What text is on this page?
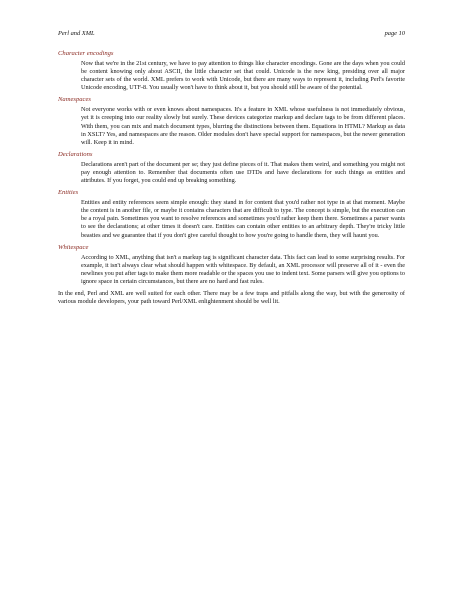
Perl and XML	page 10
Character encodings
Now that we're in the 21st century, we have to pay attention to things like character encodings. Gone are the days when you could be content knowing only about ASCII, the little character set that could. Unicode is the new king, presiding over all major character sets of the world. XML prefers to work with Unicode, but there are many ways to represent it, including Perl's favorite Unicode encoding, UTF-8. You usually won't have to think about it, but you should still be aware of the potential.
Namespaces
Not everyone works with or even knows about namespaces. It's a feature in XML whose usefulness is not immediately obvious, yet it is creeping into our reality slowly but surely. These devices categorize markup and declare tags to be from different places. With them, you can mix and match document types, blurring the distinctions between them. Equations in HTML? Markup as data in XSLT? Yes, and namespaces are the reason. Older modules don't have special support for namespaces, but the newer generation will. Keep it in mind.
Declarations
Declarations aren't part of the document per se; they just define pieces of it. That makes them weird, and something you might not pay enough attention to. Remember that documents often use DTDs and have declarations for such things as entities and attributes. If you forget, you could end up breaking something.
Entities
Entities and entity references seem simple enough: they stand in for content that you'd rather not type in at that moment. Maybe the content is in another file, or maybe it contains characters that are difficult to type. The concept is simple, but the execution can be a royal pain. Sometimes you want to resolve references and sometimes you'd rather keep them there. Sometimes a parser wants to see the declarations; at other times it doesn't care. Entities can contain other entities to an arbitrary depth. They're tricky little beasties and we guarantee that if you don't give careful thought to how you're going to handle them, they will haunt you.
Whitespace
According to XML, anything that isn't a markup tag is significant character data. This fact can lead to some surprising results. For example, it isn't always clear what should happen with whitespace. By default, an XML processor will preserve all of it - even the newlines you put after tags to make them more readable or the spaces you use to indent text. Some parsers will give you options to ignore space in certain circumstances, but there are no hard and fast rules.
In the end, Perl and XML are well suited for each other. There may be a few traps and pitfalls along the way, but with the generosity of various module developers, your path toward Perl/XML enlightenment should be well lit.
